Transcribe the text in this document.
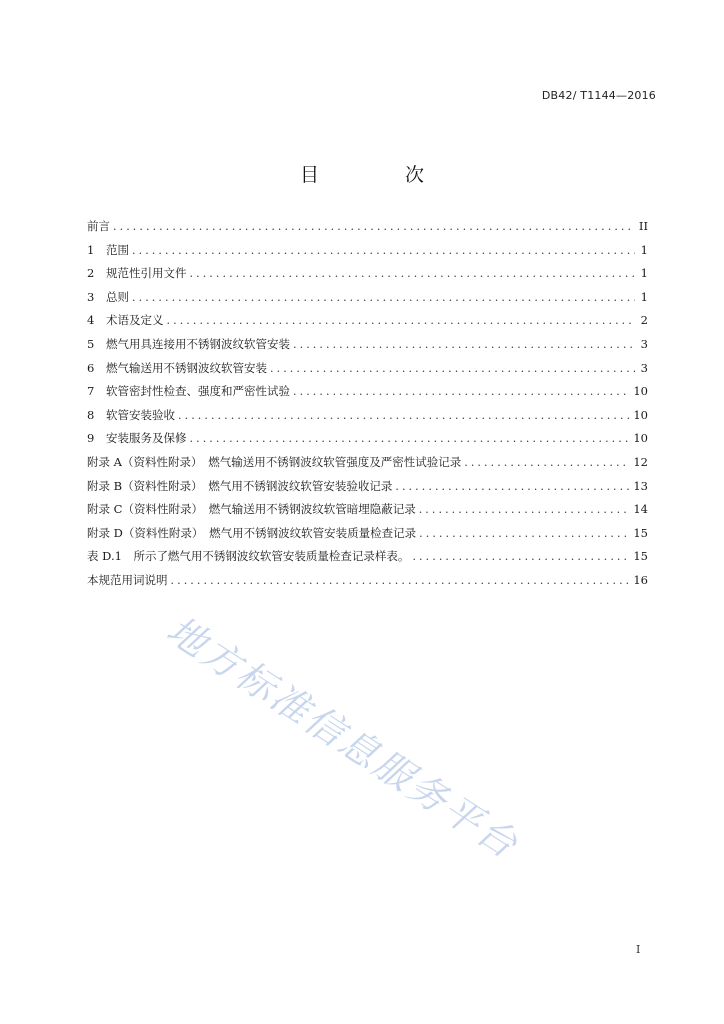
DB42/ T1144—2016
目 次
前言 .....	II
1	范围 .....	1
2	规范性引用文件 .....	1
3	总则 .....	1
4	术语及定义 .....	2
5	燃气用具连接用不锈钢波纹软管安装 .....	3
6	燃气输送用不锈钢波纹软管安装 .....	3
7	软管密封性检查、强度和严密性试验 .....	10
8	软管安装验收 .....	10
9	安装服务及保修 .....	10
附录 A（资料性附录）　燃气输送用不锈钢波纹软管强度及严密性试验记录 .....	12
附录 B（资料性附录）　燃气用不锈钢波纹软管安装验收记录 .....	13
附录 C（资料性附录）　燃气输送用不锈钢波纹软管暗埋隐蔽记录 .....	14
附录 D（资料性附录）　燃气用不锈钢波纹软管安装质量检查记录 .....	15
表 D.1　所示了燃气用不锈钢波纹软管安装质量检查记录样表。 .....	15
本规范用词说明 .....	16
地方标准信息服务平台
I
